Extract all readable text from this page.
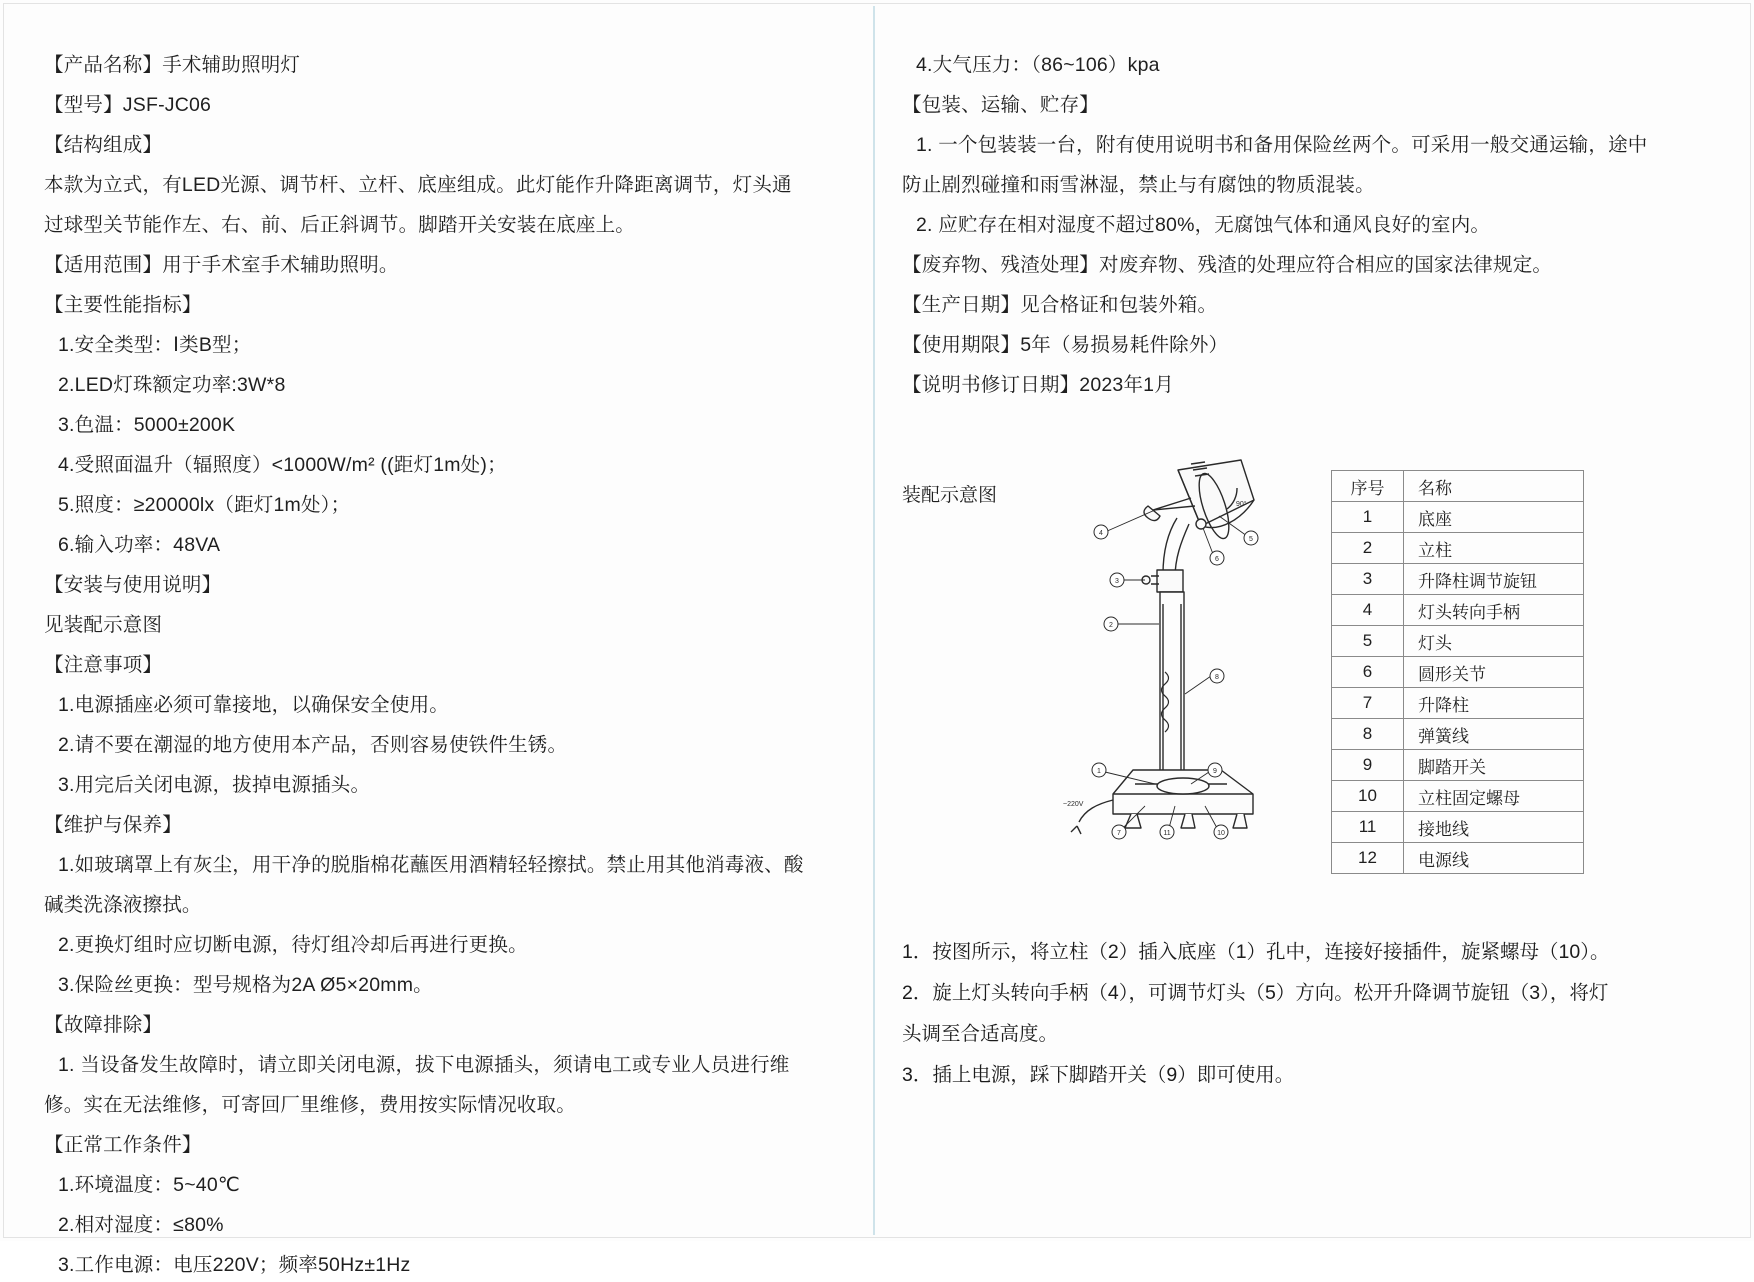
【产品名称】手术辅助照明灯

【型号】JSF-JC06

【结构组成】

本款为立式，有LED光源、调节杆、立杆、底座组成。此灯能作升降距离调节，灯头通

过球型关节能作左、右、前、后正斜调节。脚踏开关安装在底座上。

【适用范围】用于手术室手术辅助照明。

【主要性能指标】

1.安全类型：Ⅰ类B型；

2.LED灯珠额定功率:3W*8

3.色温：5000±200K

4.受照面温升（辐照度）<1000W/m² ((距灯1m处)；

5.照度：≥20000lx（距灯1m处）；

6.输入功率：48VA

【安装与使用说明】

见装配示意图

【注意事项】

1.电源插座必须可靠接地，以确保安全使用。

2.请不要在潮湿的地方使用本产品，否则容易使铁件生锈。

3.用完后关闭电源，拔掉电源插头。

【维护与保养】

1.如玻璃罩上有灰尘，用干净的脱脂棉花蘸医用酒精轻轻擦拭。禁止用其他消毒液、酸

碱类洗涤液擦拭。

2.更换灯组时应切断电源，待灯组冷却后再进行更换。

3.保险丝更换：型号规格为2A Ø5×20mm。

【故障排除】

1. 当设备发生故障时，请立即关闭电源，拔下电源插头，须请电工或专业人员进行维

修。实在无法维修，可寄回厂里维修，费用按实际情况收取。

【正常工作条件】

1.环境温度：5~40℃

2.相对湿度：≤80%

3.工作电源：电压220V；频率50Hz±1Hz

4.大气压力：（86~106）kpa

【包装、运输、贮存】

1. 一个包装装一台，附有使用说明书和备用保险丝两个。可采用一般交通运输，途中

防止剧烈碰撞和雨雪淋湿，禁止与有腐蚀的物质混装。

2. 应贮存在相对湿度不超过80%，无腐蚀气体和通风良好的室内。

【废弃物、残渣处理】对废弃物、残渣的处理应符合相应的国家法律规定。

【生产日期】见合格证和包装外箱。

【使用期限】5年（易损易耗件除外）

【说明书修订日期】2023年1月

装配示意图	90°
~220V
4
5
6
3
2
8
1	9
7	11	10
序号	名称
1	底座
2	立柱
3	升降柱调节旋钮
4	灯头转向手柄
5	灯头
6	圆形关节
7	升降柱
8	弹簧线
9	脚踏开关
10	立柱固定螺母
11	接地线
12	电源线

1．按图所示，将立柱（2）插入底座（1）孔中，连接好接插件，旋紧螺母（10）。

2．旋上灯头转向手柄（4），可调节灯头（5）方向。松开升降调节旋钮（3），将灯

头调至合适高度。

3．插上电源，踩下脚踏开关（9）即可使用。
